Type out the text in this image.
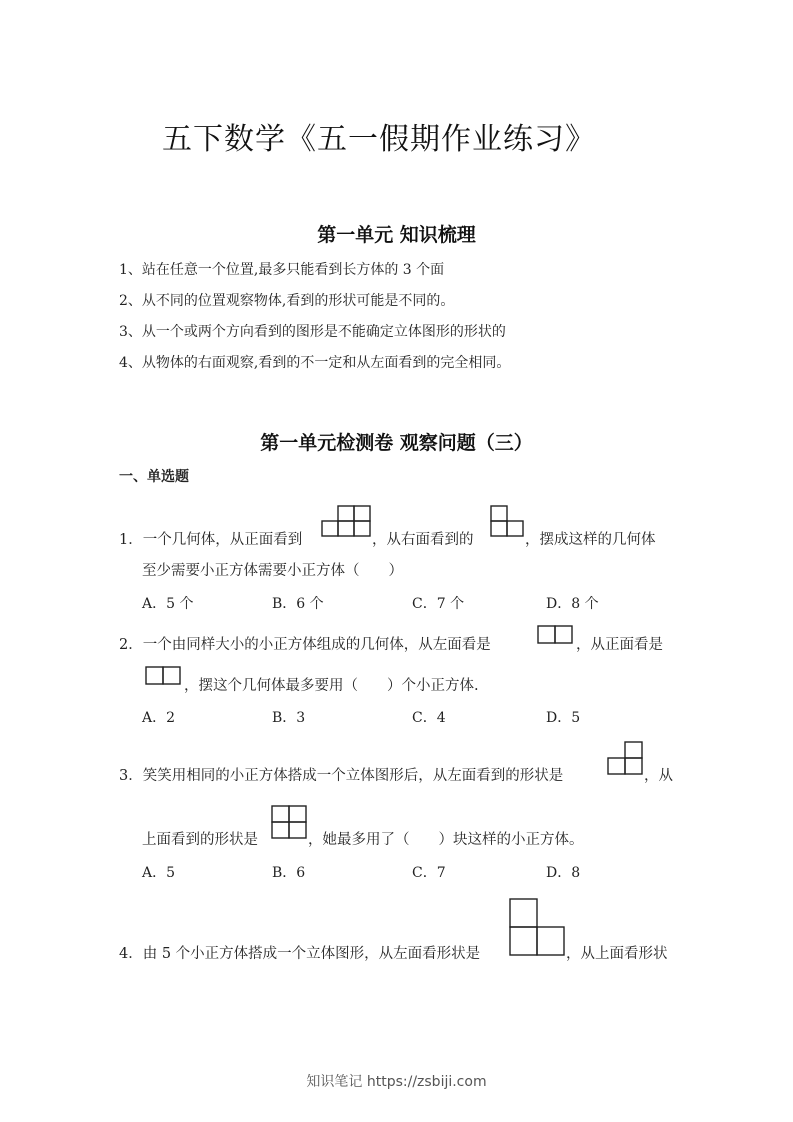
五下数学《五一假期作业练习》
第一单元 知识梳理
1、站在任意一个位置,最多只能看到长方体的 3 个面
2、从不同的位置观察物体,看到的形状可能是不同的。
3、从一个或两个方向看到的图形是不能确定立体图形的形状的
4、从物体的右面观察,看到的不一定和从左面看到的完全相同。
第一单元检测卷 观察问题（三）
一、单选题
1．一个几何体，从正面看到	，从右面看到的	，摆成这样的几何体
至少需要小正方体需要小正方体（　　）
A．5 个	B．6 个	C．7 个	D．8 个
2．一个由同样大小的小正方体组成的几何体，从左面看是	，从正面看是
，摆这个几何体最多要用（　　）个小正方体.
A．2	B．3	C．4	D．5
3．笑笑用相同的小正方体搭成一个立体图形后，从左面看到的形状是	，从
上面看到的形状是	，她最多用了（　　）块这样的小正方体。
A．5	B．6	C．7	D．8
4．由 5 个小正方体搭成一个立体图形，从左面看形状是	，从上面看形状
知识笔记 https://zsbiji.com
